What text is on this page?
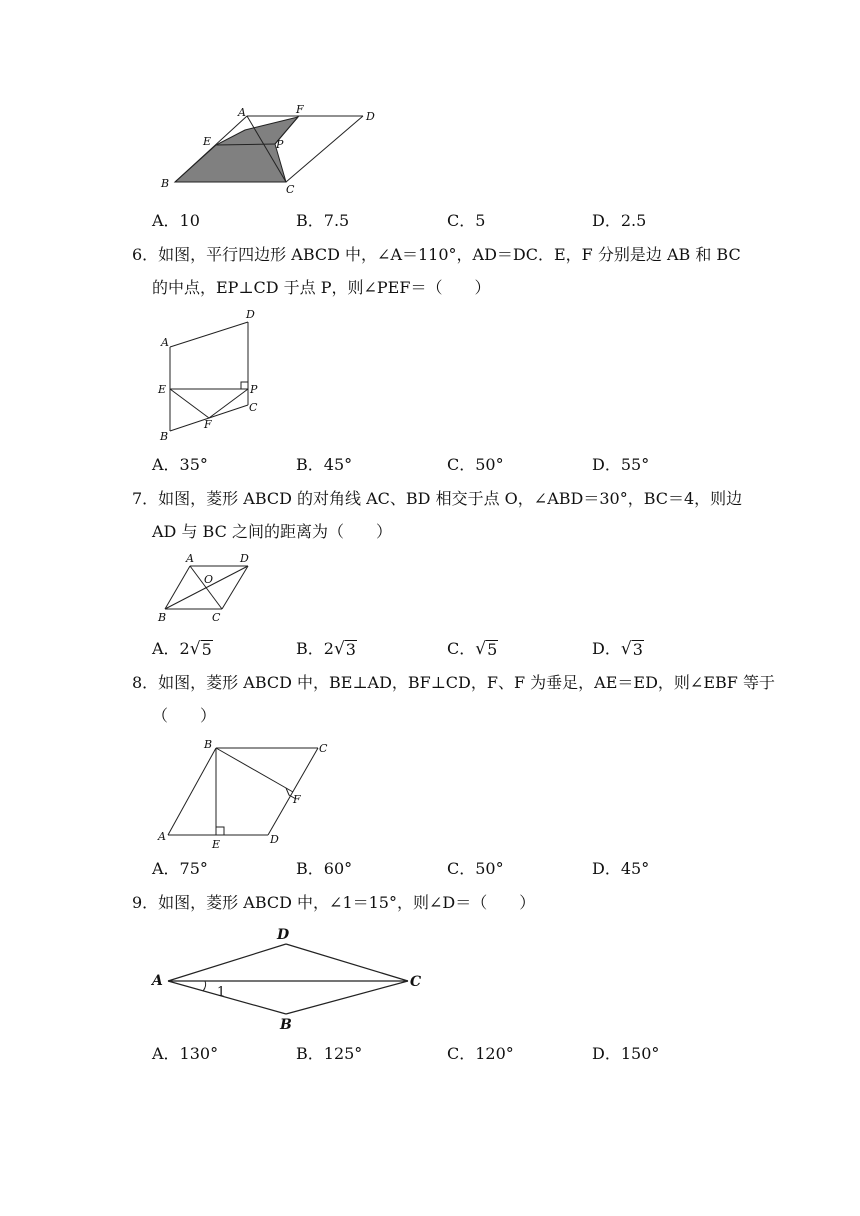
A	F
D
E	P
B	C
A．10	B．7.5	C．5	D．2.5
6．如图，平行四边形 ABCD 中，∠A＝110°，AD＝DC．E，F 分别是边 AB 和 BC
的中点，EP⊥CD 于点 P，则∠PEF＝（　　）
A
D
E	P
C
B
F
A．35°	B．45°	C．50°	D．55°
7．如图，菱形 ABCD 的对角线 AC、BD 相交于点 O，∠ABD＝30°，BC＝4，则边
AD 与 BC 之间的距离为（　　）
A	D
O
B	C
A．2 √ 5	B．2 √ 3	C． √ 5	D． √ 3
8．如图，菱形 ABCD 中，BE⊥AD，BF⊥CD，F、F 为垂足，AE＝ED，则∠EBF 等于
（　　）
B	C
F
A
E	D
A．75°	B．60°	C．50°	D．45°
9．如图，菱形 ABCD 中，∠1＝15°，则∠D＝（　　）
D
A	C
B
1
A．130°	B．125°	C．120°	D．150°
